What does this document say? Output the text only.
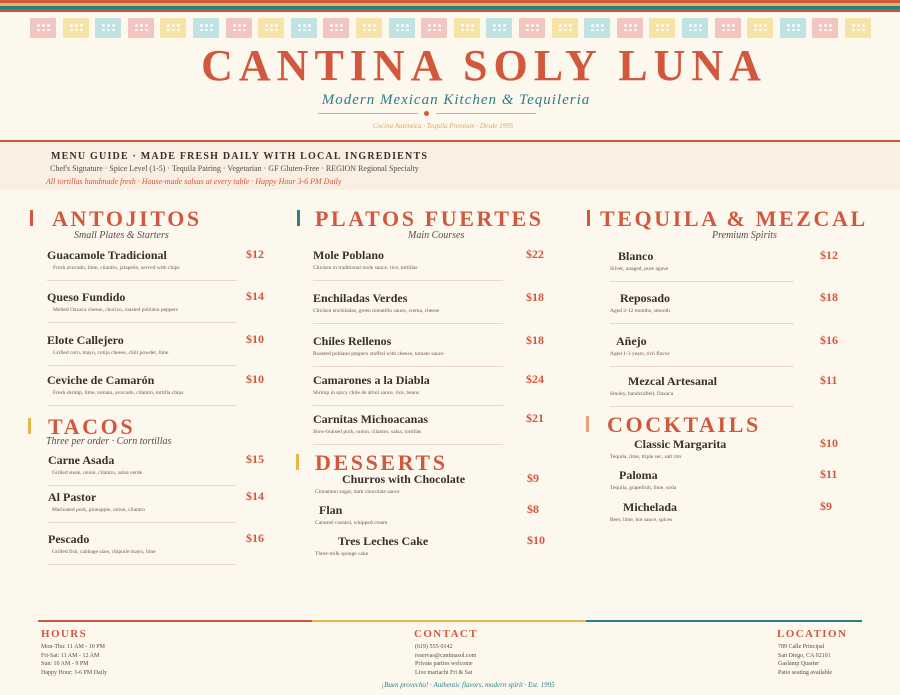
CANTINA SOLY LUNA
Modern Mexican Kitchen & Tequileria
Cocina Auténtica · Tequila Premium · Desde 1995
MENU GUIDE · MADE FRESH DAILY WITH LOCAL INGREDIENTS
Chef's Signature · Spice Level (1-5) · Tequila Pairing · Vegetarian · GF Gluten-Free · REGION Regional Specialty
All tortillas handmade fresh · House-made salsas at every table · Happy Hour 3-6 PM Daily
ANTOJITOS
Small Plates & Starters
TACOS
Three per order · Corn tortillas
PLATOS FUERTES
Main Courses
DESSERTS
TEQUILA & MEZCAL
Premium Spirits
COCKTAILS
Guacamole Tradicional
Fresh avocado, lime, cilantro, jalapeño, served with chips
$12
Queso Fundido
Melted Oaxaca cheese, chorizo, roasted poblano peppers
$14
Elote Callejero
Grilled corn, mayo, cotija cheese, chili powder, lime
$10
Ceviche de Camarón
Fresh shrimp, lime, tomato, avocado, cilantro, tortilla chips
$10
Carne Asada
Grilled steak, onion, cilantro, salsa verde
$15
Al Pastor
Marinated pork, pineapple, onion, cilantro
$14
Pescado
Grilled fish, cabbage slaw, chipotle mayo, lime
$16
Mole Poblano
Chicken in traditional mole sauce, rice, tortillas
$22
Enchiladas Verdes
Chicken enchiladas, green tomatillo sauce, crema, cheese
$18
Chiles Rellenos
Roasted poblano peppers stuffed with cheese, tomato sauce
$18
Camarones a la Diabla
Shrimp in spicy chile de árbol sauce, rice, beans
$24
Carnitas Michoacanas
Slow-braised pork, onion, cilantro, salsa, tortillas
$21
Churros with Chocolate
Cinnamon sugar, dark chocolate sauce
$9
Flan
Caramel custard, whipped cream
$8
Tres Leches Cake
Three-milk sponge cake
$10
Blanco
Silver, unaged, pure agave
$12
Reposado
Aged 2-12 months, smooth
$18
Añejo
Aged 1-3 years, rich flavor
$16
Mezcal Artesanal
Smoky, handcrafted, Oaxaca
$11
Classic Margarita
Tequila, lime, triple sec, salt rim
$10
Paloma
Tequila, grapefruit, lime, soda
$11
Michelada
Beer, lime, hot sauce, spices
$9
HOURS
Mon-Thu: 11 AM - 10 PM
Fri-Sat: 11 AM - 12 AM
Sun: 10 AM - 9 PM
Happy Hour: 3-6 PM Daily
CONTACT
(619) 555-0142
reservas@cantinasol.com
Private parties welcome
Live mariachi Fri & Sat
LOCATION
789 Calle Principal
San Diego, CA 92101
Gaslamp Quarter
Patio seating available
¡Buen provecho! · Authentic flavors, modern spirit · Est. 1995
